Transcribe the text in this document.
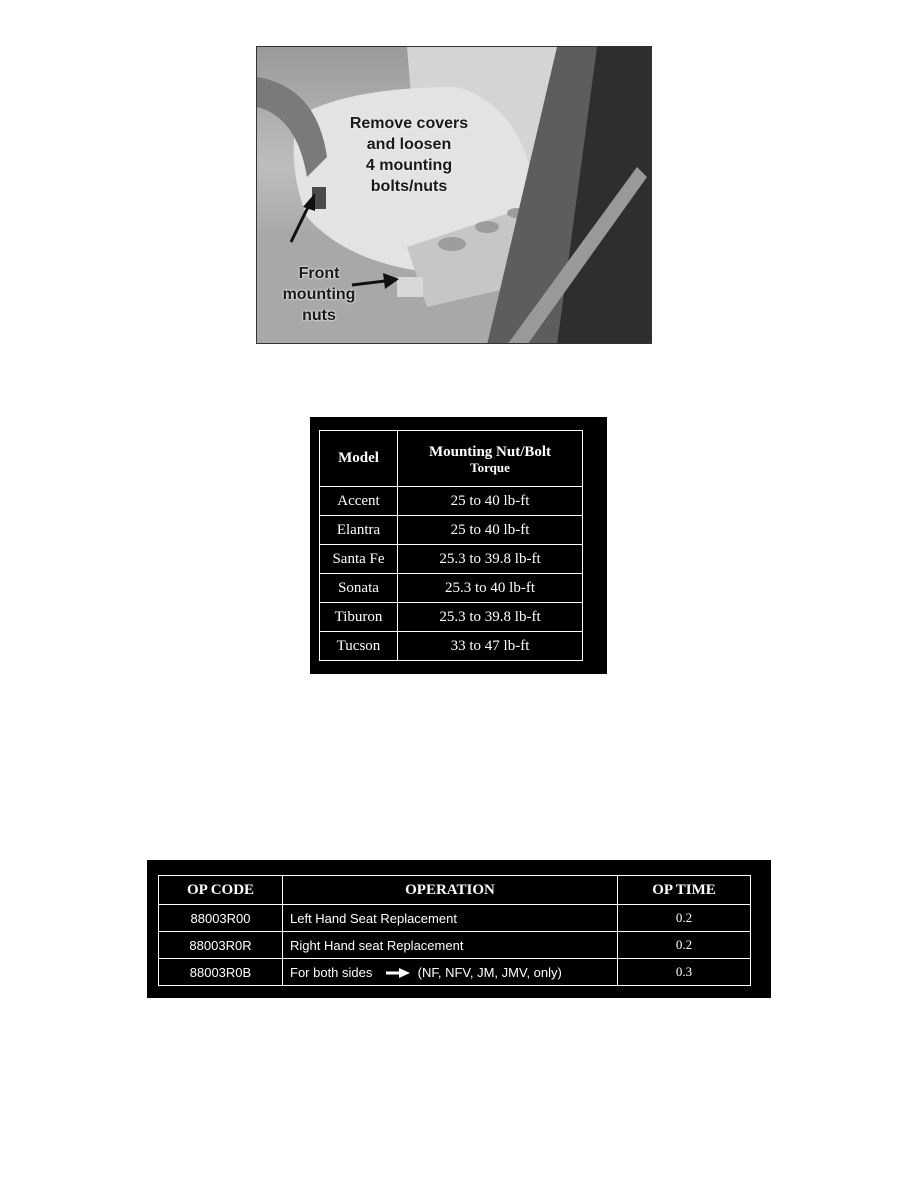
Remove covers
and loosen
4 mounting
bolts/nuts
Front
mounting
nuts
Model	Mounting Nut/Bolt
Torque

Accent	25 to 40 lb-ft
Elantra	25 to 40 lb-ft
Santa Fe	25.3 to 39.8 lb-ft
Sonata	25.3 to 40 lb-ft
Tiburon	25.3 to 39.8 lb-ft
Tucson	33 to 47 lb-ft
OP CODE	OPERATION	OP TIME
88003R00	Left Hand Seat Replacement	0.2
88003R0R	Right Hand seat Replacement	0.2
88003R0B	For both sides (NF, NFV, JM, JMV, only)	0.3
